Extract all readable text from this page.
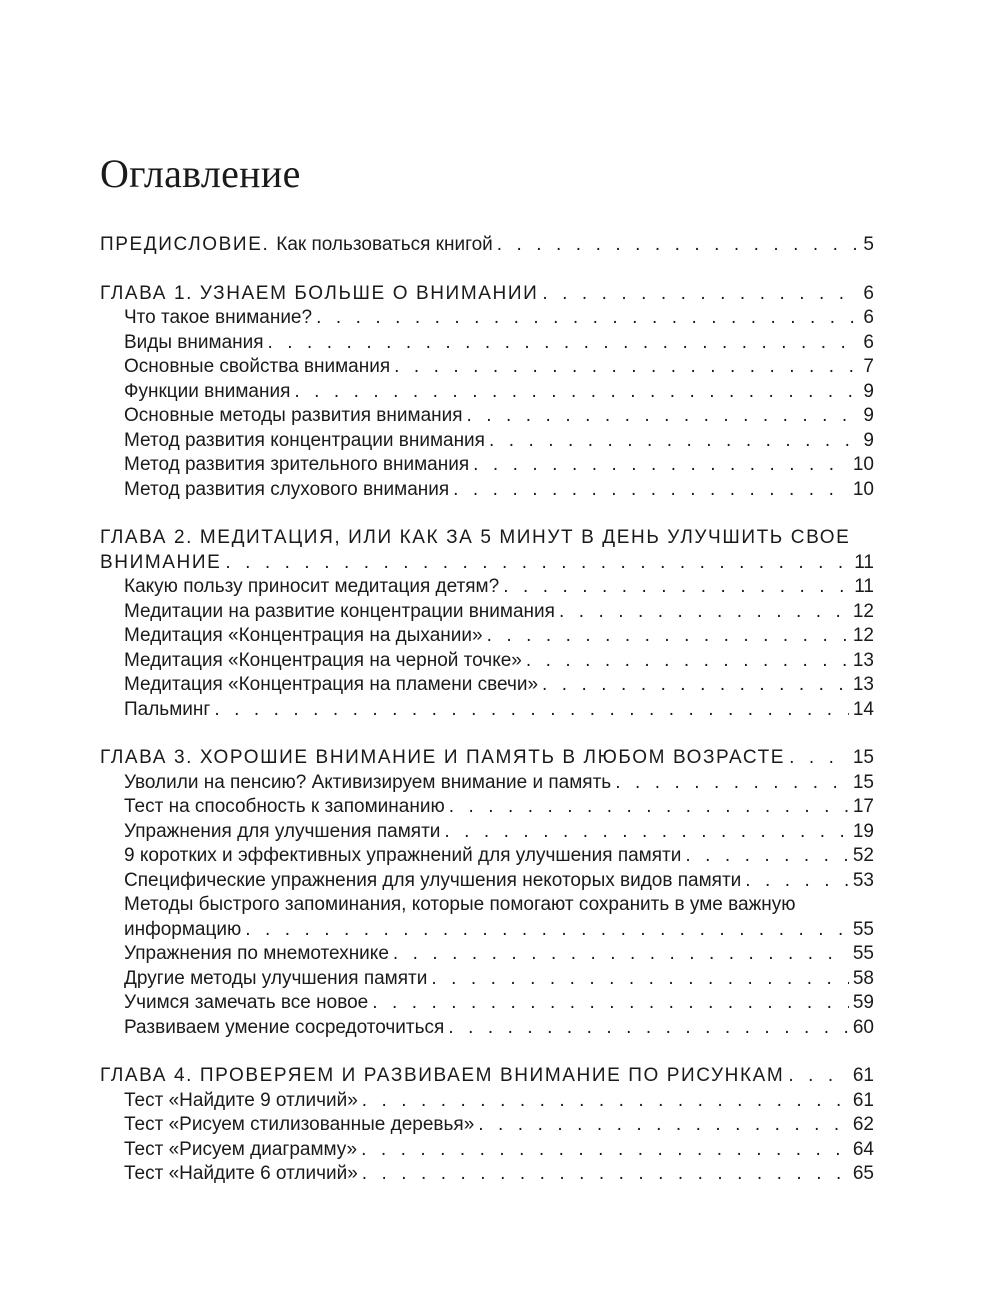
Оглавление
ПРЕДИСЛОВИЕ. Как пользоваться книгой . . .	5
ГЛАВА 1. УЗНАЕМ БОЛЬШЕ О ВНИМАНИИ . . .	6
Что такое внимание? . . .	6
Виды внимания . . .	6
Основные свойства внимания . . .	7
Функции внимания . . .	9
Основные методы развития внимания . . .	9
Метод развития концентрации внимания . . .	9
Метод развития зрительного внимания . . .	10
Метод развития слухового внимания . . .	10
ГЛАВА 2. МЕДИТАЦИЯ, ИЛИ КАК ЗА 5 МИНУТ В ДЕНЬ УЛУЧШИТЬ СВОЕ
ВНИМАНИЕ . . .	11
Какую пользу приносит медитация детям? . . .	11
Медитации на развитие концентрации внимания . . .	12
Медитация «Концентрация на дыхании» . . .	12
Медитация «Концентрация на черной точке» . . .	13
Медитация «Концентрация на пламени свечи» . . .	13
Пальминг . . .	14
ГЛАВА 3. ХОРОШИЕ ВНИМАНИЕ И ПАМЯТЬ В ЛЮБОМ ВОЗРАСТЕ . . .	15
Уволили на пенсию? Активизируем внимание и память . . .	15
Тест на способность к запоминанию . . .	17
Упражнения для улучшения памяти . . .	19
9 коротких и эффективных упражнений для улучшения памяти . . .	52
Специфические упражнения для улучшения некоторых видов памяти . . .	53
Методы быстрого запоминания, которые помогают сохранить в уме важную
информацию . . .	55
Упражнения по мнемотехнике . . .	55
Другие методы улучшения памяти . . .	58
Учимся замечать все новое . . .	59
Развиваем умение сосредоточиться . . .	60
ГЛАВА 4. ПРОВЕРЯЕМ И РАЗВИВАЕМ ВНИМАНИЕ ПО РИСУНКАМ . . .	61
Тест «Найдите 9 отличий» . . .	61
Тест «Рисуем стилизованные деревья» . . .	62
Тест «Рисуем диаграмму» . . .	64
Тест «Найдите 6 отличий» . . .	65
